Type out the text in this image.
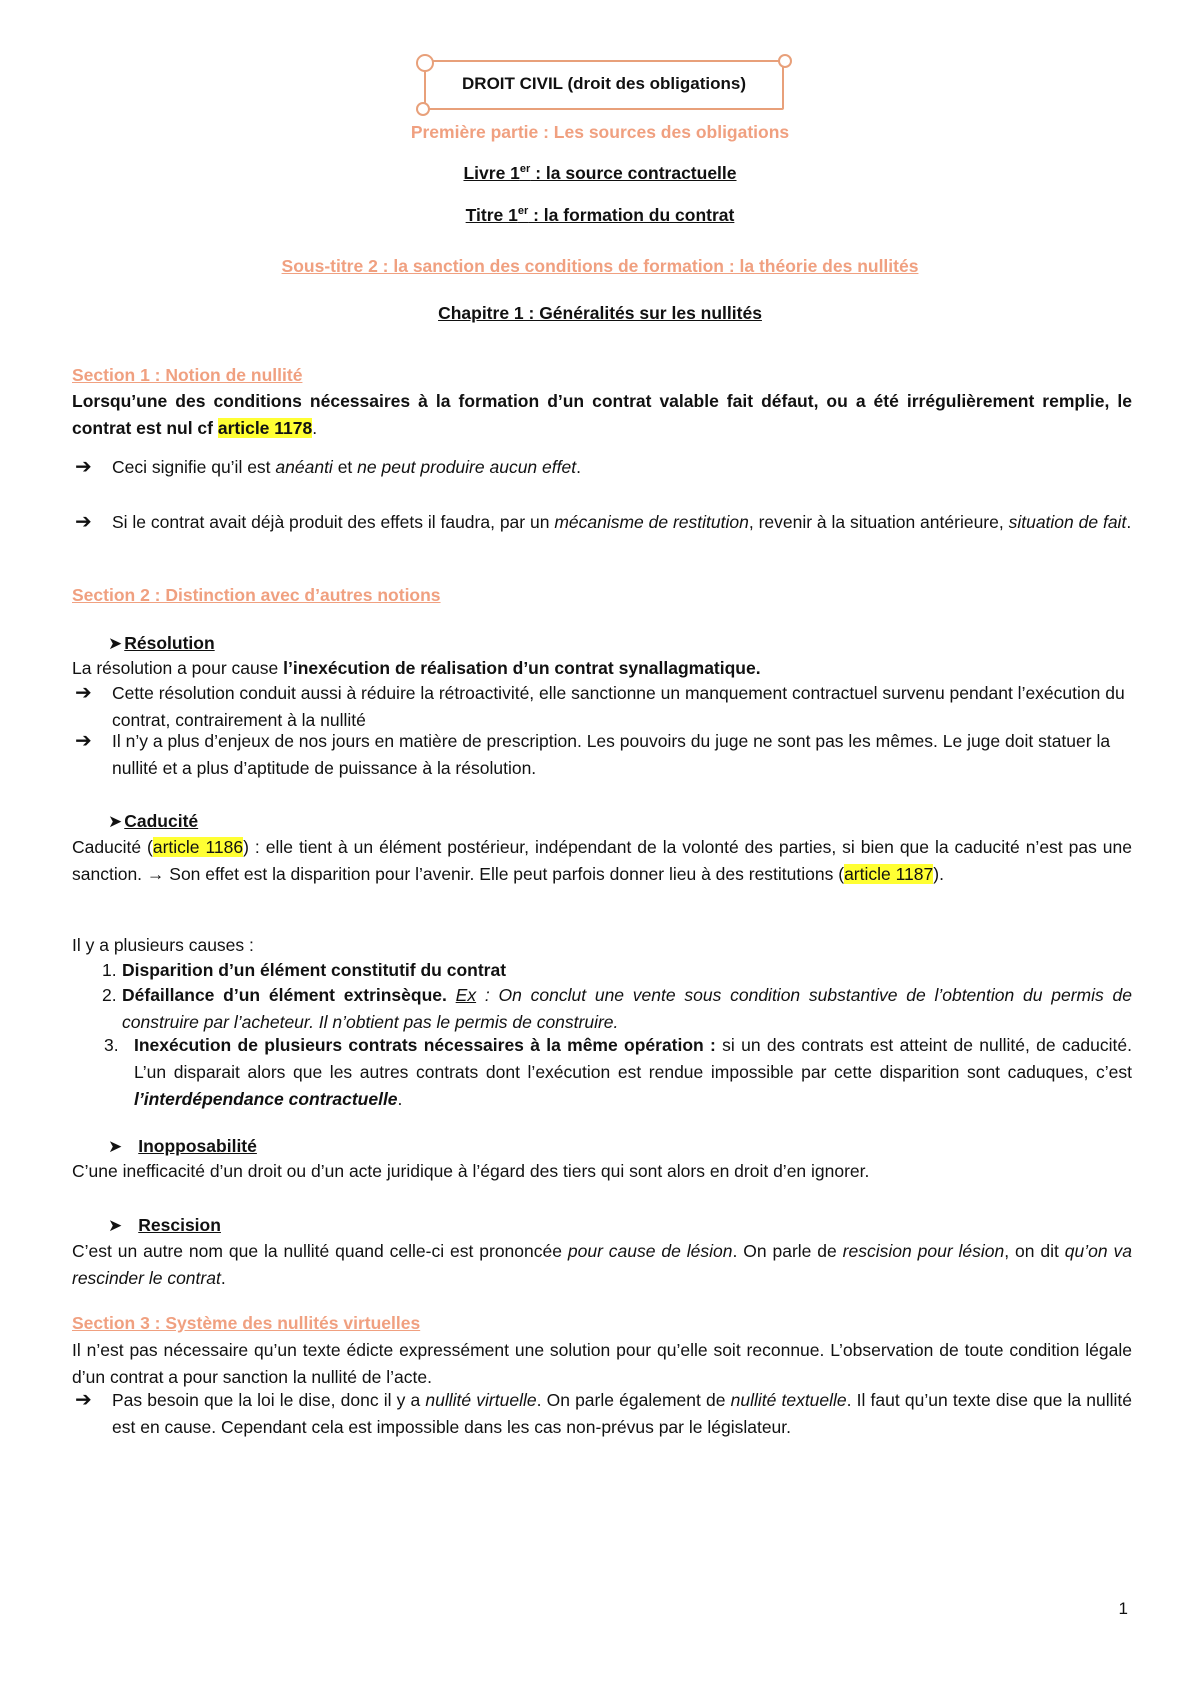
DROIT CIVIL (droit des obligations)
Première partie : Les sources des obligations
Livre 1er : la source contractuelle
Titre 1er : la formation du contrat
Sous-titre 2 : la sanction des conditions de formation : la théorie des nullités
Chapitre 1 : Généralités sur les nullités
Section 1 : Notion de nullité
Lorsqu’une des conditions nécessaires à la formation d’un contrat valable fait défaut, ou a été irrégulièrement remplie, le contrat est nul cf article 1178.
➔	Ceci signifie qu’il est anéanti et ne peut produire aucun effet.
➔	Si le contrat avait déjà produit des effets il faudra, par un mécanisme de restitution, revenir à la situation antérieure, situation de fait.
Section 2 : Distinction avec d’autres notions
➤ Résolution
La résolution a pour cause l’inexécution de réalisation d’un contrat synallagmatique.
➔	Cette résolution conduit aussi à réduire la rétroactivité, elle sanctionne un manquement contractuel survenu pendant l’exécution du contrat, contrairement à la nullité
➔	Il n’y a plus d’enjeux de nos jours en matière de prescription. Les pouvoirs du juge ne sont pas les mêmes. Le juge doit statuer la nullité et a plus d’aptitude de puissance à la résolution.
➤ Caducité
Caducité (article 1186) : elle tient à un élément postérieur, indépendant de la volonté des parties, si bien que la caducité n’est pas une sanction. → Son effet est la disparition pour l’avenir. Elle peut parfois donner lieu à des restitutions (article 1187).
Il y a plusieurs causes :
1. Disparition d’un élément constitutif du contrat
2. Défaillance d’un élément extrinsèque. Ex : On conclut une vente sous condition substantive de l’obtention du permis de construire par l’acheteur. Il n’obtient pas le permis de construire.
3. Inexécution de plusieurs contrats nécessaires à la même opération : si un des contrats est atteint de nullité, de caducité. L’un disparait alors que les autres contrats dont l’exécution est rendue impossible par cette disparition sont caduques, c’est l’interdépendance contractuelle.
➤ Inopposabilité
C’une inefficacité d’un droit ou d’un acte juridique à l’égard des tiers qui sont alors en droit d’en ignorer.
➤ Rescision
C’est un autre nom que la nullité quand celle-ci est prononcée pour cause de lésion. On parle de rescision pour lésion, on dit qu’on va rescinder le contrat.
Section 3 : Système des nullités virtuelles
Il n’est pas nécessaire qu’un texte édicte expressément une solution pour qu’elle soit reconnue. L’observation de toute condition légale d’un contrat a pour sanction la nullité de l’acte.
➔	Pas besoin que la loi le dise, donc il y a nullité virtuelle. On parle également de nullité textuelle. Il faut qu’un texte dise que la nullité est en cause. Cependant cela est impossible dans les cas non-prévus par le législateur.
1
